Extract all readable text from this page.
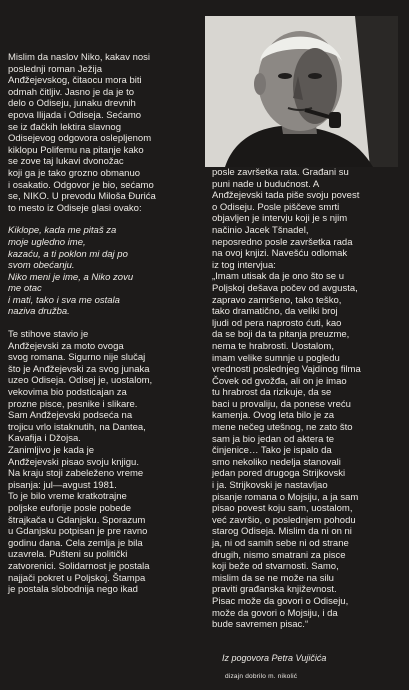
Mislim da naslov Niko, kakav nosi
poslednji roman Ježija
Anđžejevskog, čitaocu mora biti
odmah čitljiv. Jasno je da je to
delo o Odiseju, junaku drevnih
epova Ilijada i Odiseja. Sećamo
se iz đačkih lektira slavnog
Odisejevog odgovora oslepljenom
kiklopu Polifemu na pitanje kako
se zove taj lukavi dvonožac
koji ga je tako grozno obmanuo
i osakatio. Odgovor je bio, sećamo
se, NIKO. U prevodu Miloša Đurića
to mesto iz Odiseje glasi ovako:

Kiklope, kada me pitaš za
moje ugledno ime,
kazaću, a ti poklon mi daj po
svom obećanju.
Niko meni je ime, a Niko zovu
me otac
i mati, tako i sva me ostala
naziva družba.

Te stihove stavio je
Anđžejevski za moto ovoga
svog romana. Sigurno nije slučaj
što je Anđžejevski za svog junaka
uzeo Odiseja. Odisej je, uostalom,
vekovima bio podsticajan za
prozne pisce, pesnike i slikare.
Sam Anđžejevski podseća na
trojicu vrlo istaknutih, na Dantea,
Kavafija i Džojsa.
Zanimljivo je kada je
Anđžejevski pisao svoju knjigu.
Na kraju stoji zabeleženo vreme
pisanja: jul—avgust 1981.
To je bilo vreme kratkotrajne
poljske euforije posle pobede
štrajkača u Gdanjsku. Sporazum
u Gdanjsku potpisan je pre ravno
godinu dana. Cela zemlja je bila
uzavrela. Pušteni su politički
zatvorenici. Solidarnost je postala
najjači pokret u Poljskoj. Štampa
je postala slobodnija nego ikad

posle završetka rata. Građani su
puni nade u budućnost. A
Anđžejevski tada piše svoju povest
o Odiseju. Posle piščeve smrti
objavljen je intervju koji je s njim
načinio Jacek Tšnadel,
neposredno posle završetka rada
na ovoj knjizi. Navešću odlomak
iz tog intervjua:
„Imam utisak da je ono što se u
Poljskoj dešava počev od avgusta,
zapravo zamršeno, tako teško,
tako dramatično, da veliki broj
ljudi od pera naprosto ćuti, kao
da se boji da ta pitanja preuzme,
nema te hrabrosti. Uostalom,
imam velike sumnje u pogledu
vrednosti poslednjeg Vajdinog filma
Čovek od gvožđa, ali on je imao
tu hrabrost da rizikuje, da se
baci u provaliju, da ponese vreću
kamenja. Ovog leta bilo je za
mene nečeg utešnog, ne zato što
sam ja bio jedan od aktera te
činjenice… Tako je ispalo da
smo nekoliko nedelja stanovali
jedan pored drugoga Strijkovski
i ja. Strijkovski je nastavljao
pisanje romana o Mojsiju, a ja sam
pisao povest koju sam, uostalom,
već završio, o poslednjem pohodu
starog Odiseja. Mislim da ni on ni
ja, ni od samih sebe ni od strane
drugih, nismo smatrani za pisce
koji beže od stvarnosti. Samo,
mislim da se ne može na silu
praviti građanska književnost.
Pisac može da govori o Odiseju,
može da govori o Mojsiju, i da
bude savremen pisac.“

Iz pogovora Petra Vujičića
dizajn dobrilo m. nikolić
